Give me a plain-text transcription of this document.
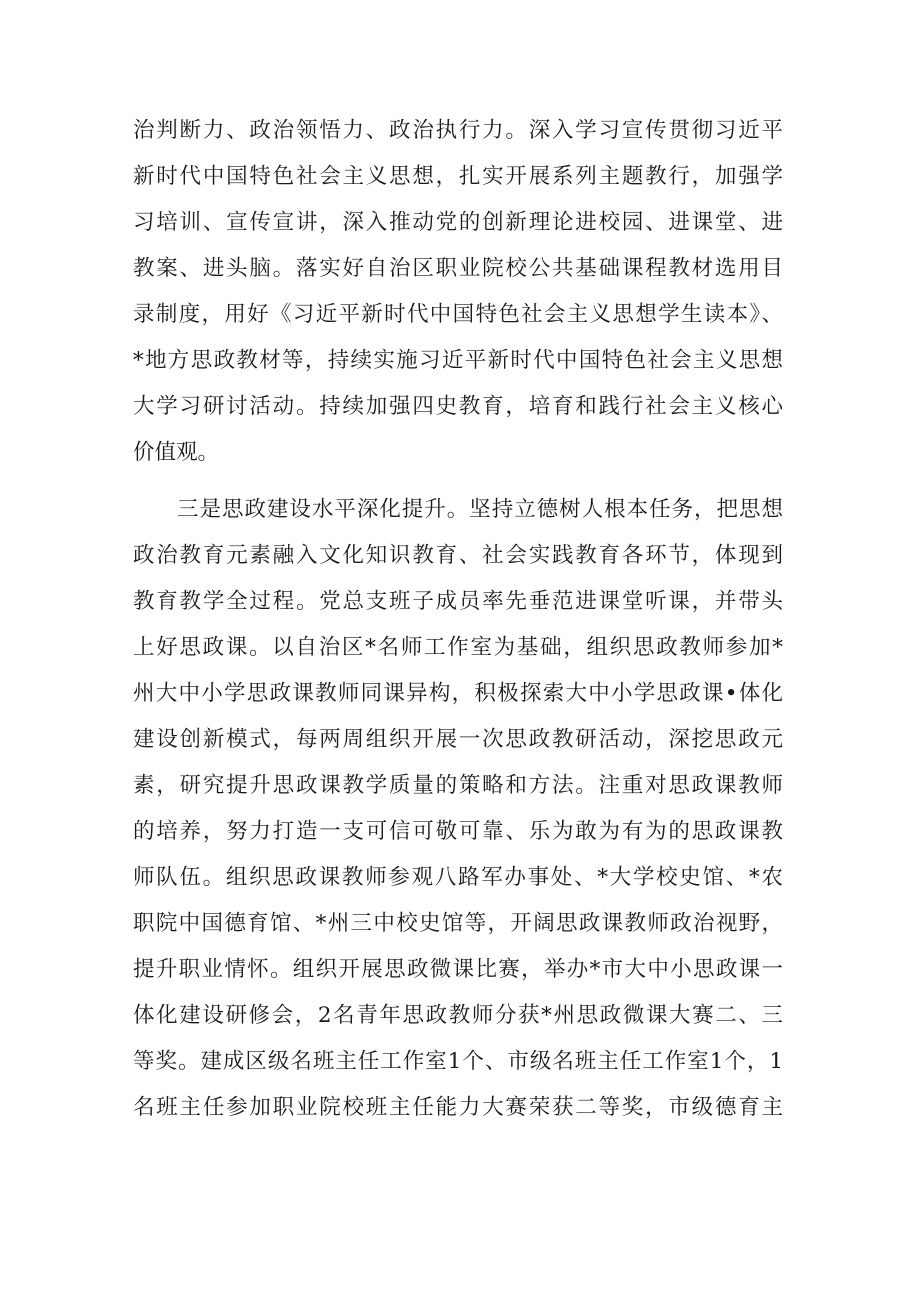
治判断力、政治领悟力、政治执行力。深入学习宣传贯彻习近平
新时代中国特色社会主义思想，扎实开展系列主题教行，加强学
习培训、宣传宣讲，深入推动党的创新理论进校园、进课堂、进
教案、进头脑。落实好自治区职业院校公共基础课程教材选用目
录制度，用好《习近平新时代中国特色社会主义思想学生读本》、
*地方思政教材等，持续实施习近平新时代中国特色社会主义思想
大学习研讨活动。持续加强四史教育，培育和践行社会主义核心
价值观。

三是思政建设水平深化提升。坚持立德树人根本任务，把思想
政治教育元素融入文化知识教育、社会实践教育各环节，体现到
教育教学全过程。党总支班子成员率先垂范进课堂听课，并带头
上好思政课。以自治区*名师工作室为基础，组织思政教师参加*
州大中小学思政课教师同课异构，积极探索大中小学思政课•体化
建设创新模式，每两周组织开展一次思政教研活动，深挖思政元
素，研究提升思政课教学质量的策略和方法。注重对思政课教师
的培养，努力打造一支可信可敬可靠、乐为敢为有为的思政课教
师队伍。组织思政课教师参观八路军办事处、*大学校史馆、*农
职院中国德育馆、*州三中校史馆等，开阔思政课教师政治视野，
提升职业情怀。组织开展思政微课比赛，举办*市大中小思政课一
体化建设研修会，2名青年思政教师分获*州思政微课大赛二、三
等奖。建成区级名班主任工作室1个、市级名班主任工作室1个，1
名班主任参加职业院校班主任能力大赛荣获二等奖，市级德育主
